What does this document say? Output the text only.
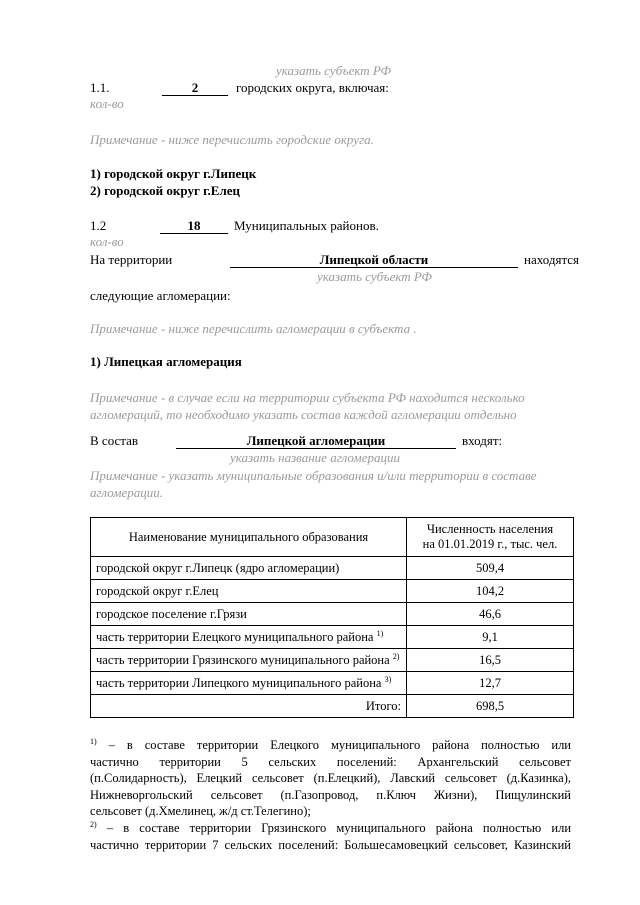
указать субъект РФ
1.1.	2	городских округа, включая:
кол-во
Примечание - ниже перечислить городские округа.
1) городской округ г.Липецк
2) городской округ г.Елец
1.2	18	Муниципальных районов.
кол-во
На территории	Липецкой области	находятся
указать субъект РФ
следующие агломерации:
Примечание - ниже перечислить агломерации в субъекта .
1) Липецкая агломерация
Примечание - в случае если на территории субъекта РФ находится несколько агломераций, то необходимо указать состав каждой агломерации отдельно
В состав	Липецкой агломерации	входят:
указать название агломерации
Примечание - указать муниципальные образования и/или территории в составе агломерации.
Наименование муниципального образования	Численность населения
на 01.01.2019 г., тыс. чел.
городской округ г.Липецк (ядро агломерации)	509,4
городской округ г.Елец	104,2
городское поселение г.Грязи	46,6
часть территории Елецкого муниципального района $^{1)}$	9,1
часть территории Грязинского муниципального района $^{2)}$	16,5
часть территории Липецкого муниципального района $^{3)}$	12,7
Итого:	698,5
$^{1)}$ – в составе территории Елецкого муниципального района полностью или
частично территории 5 сельских поселений: Архангельский сельсовет
(п.Солидарность), Елецкий сельсовет (п.Елецкий), Лавский сельсовет (д.Казинка),
Нижневоргольский сельсовет (п.Газопровод, п.Ключ Жизни), Пищулинский
сельсовет (д.Хмелинец, ж/д ст.Телегино);
$^{2)}$ – в составе территории Грязинского муниципального района полностью или
частично территории 7 сельских поселений: Большесамовецкий сельсовет, Казинский
